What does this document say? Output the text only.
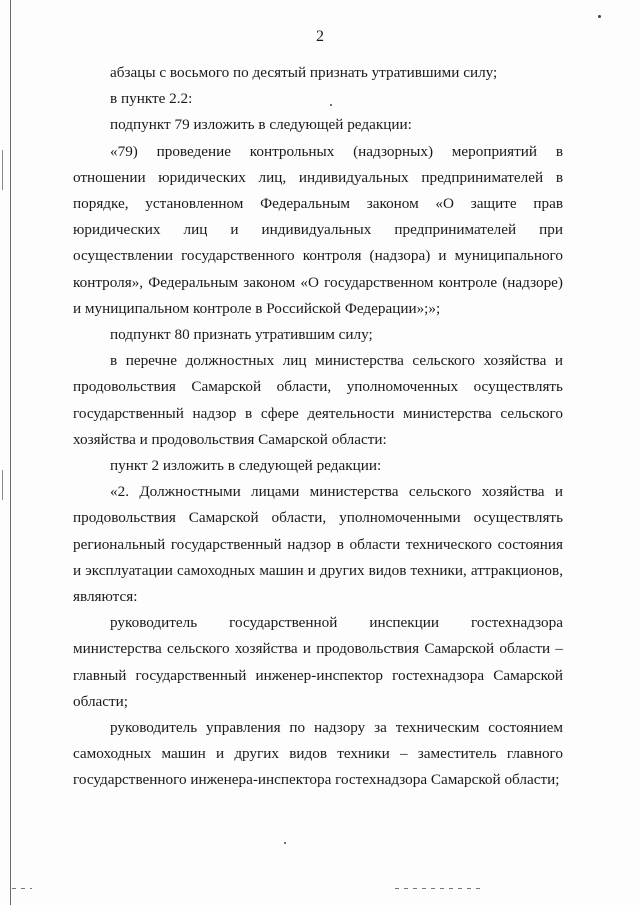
2

абзацы с восьмого по десятый признать утратившими силу;

в пункте 2.2:

подпункт 79 изложить в следующей редакции:

«79) проведение контрольных (надзорных) мероприятий в отношении юридических лиц, индивидуальных предпринимателей в порядке, установленном Федеральным законом «О защите прав юридических лиц и индивидуальных предпринимателей при осуществлении государственного контроля (надзора) и муниципального контроля», Федеральным законом «О государственном контроле (надзоре) и муниципальном контроле в Российской Федерации»;»;

подпункт 80 признать утратившим силу;

в перечне должностных лиц министерства сельского хозяйства и продовольствия Самарской области, уполномоченных осуществлять государственный надзор в сфере деятельности министерства сельского хозяйства и продовольствия Самарской области:

пункт 2 изложить в следующей редакции:

«2. Должностными лицами министерства сельского хозяйства и продовольствия Самарской области, уполномоченными осуществлять региональный государственный надзор в области технического состояния и эксплуатации самоходных машин и других видов техники, аттракционов, являются:

руководитель государственной инспекции гостехнадзора министерства сельского хозяйства и продовольствия Самарской области – главный государственный инженер-инспектор гостехнадзора Самарской области;

руководитель управления по надзору за техническим состоянием самоходных машин и других видов техники – заместитель главного государственного инженера-инспектора гостехнадзора Самарской области;
